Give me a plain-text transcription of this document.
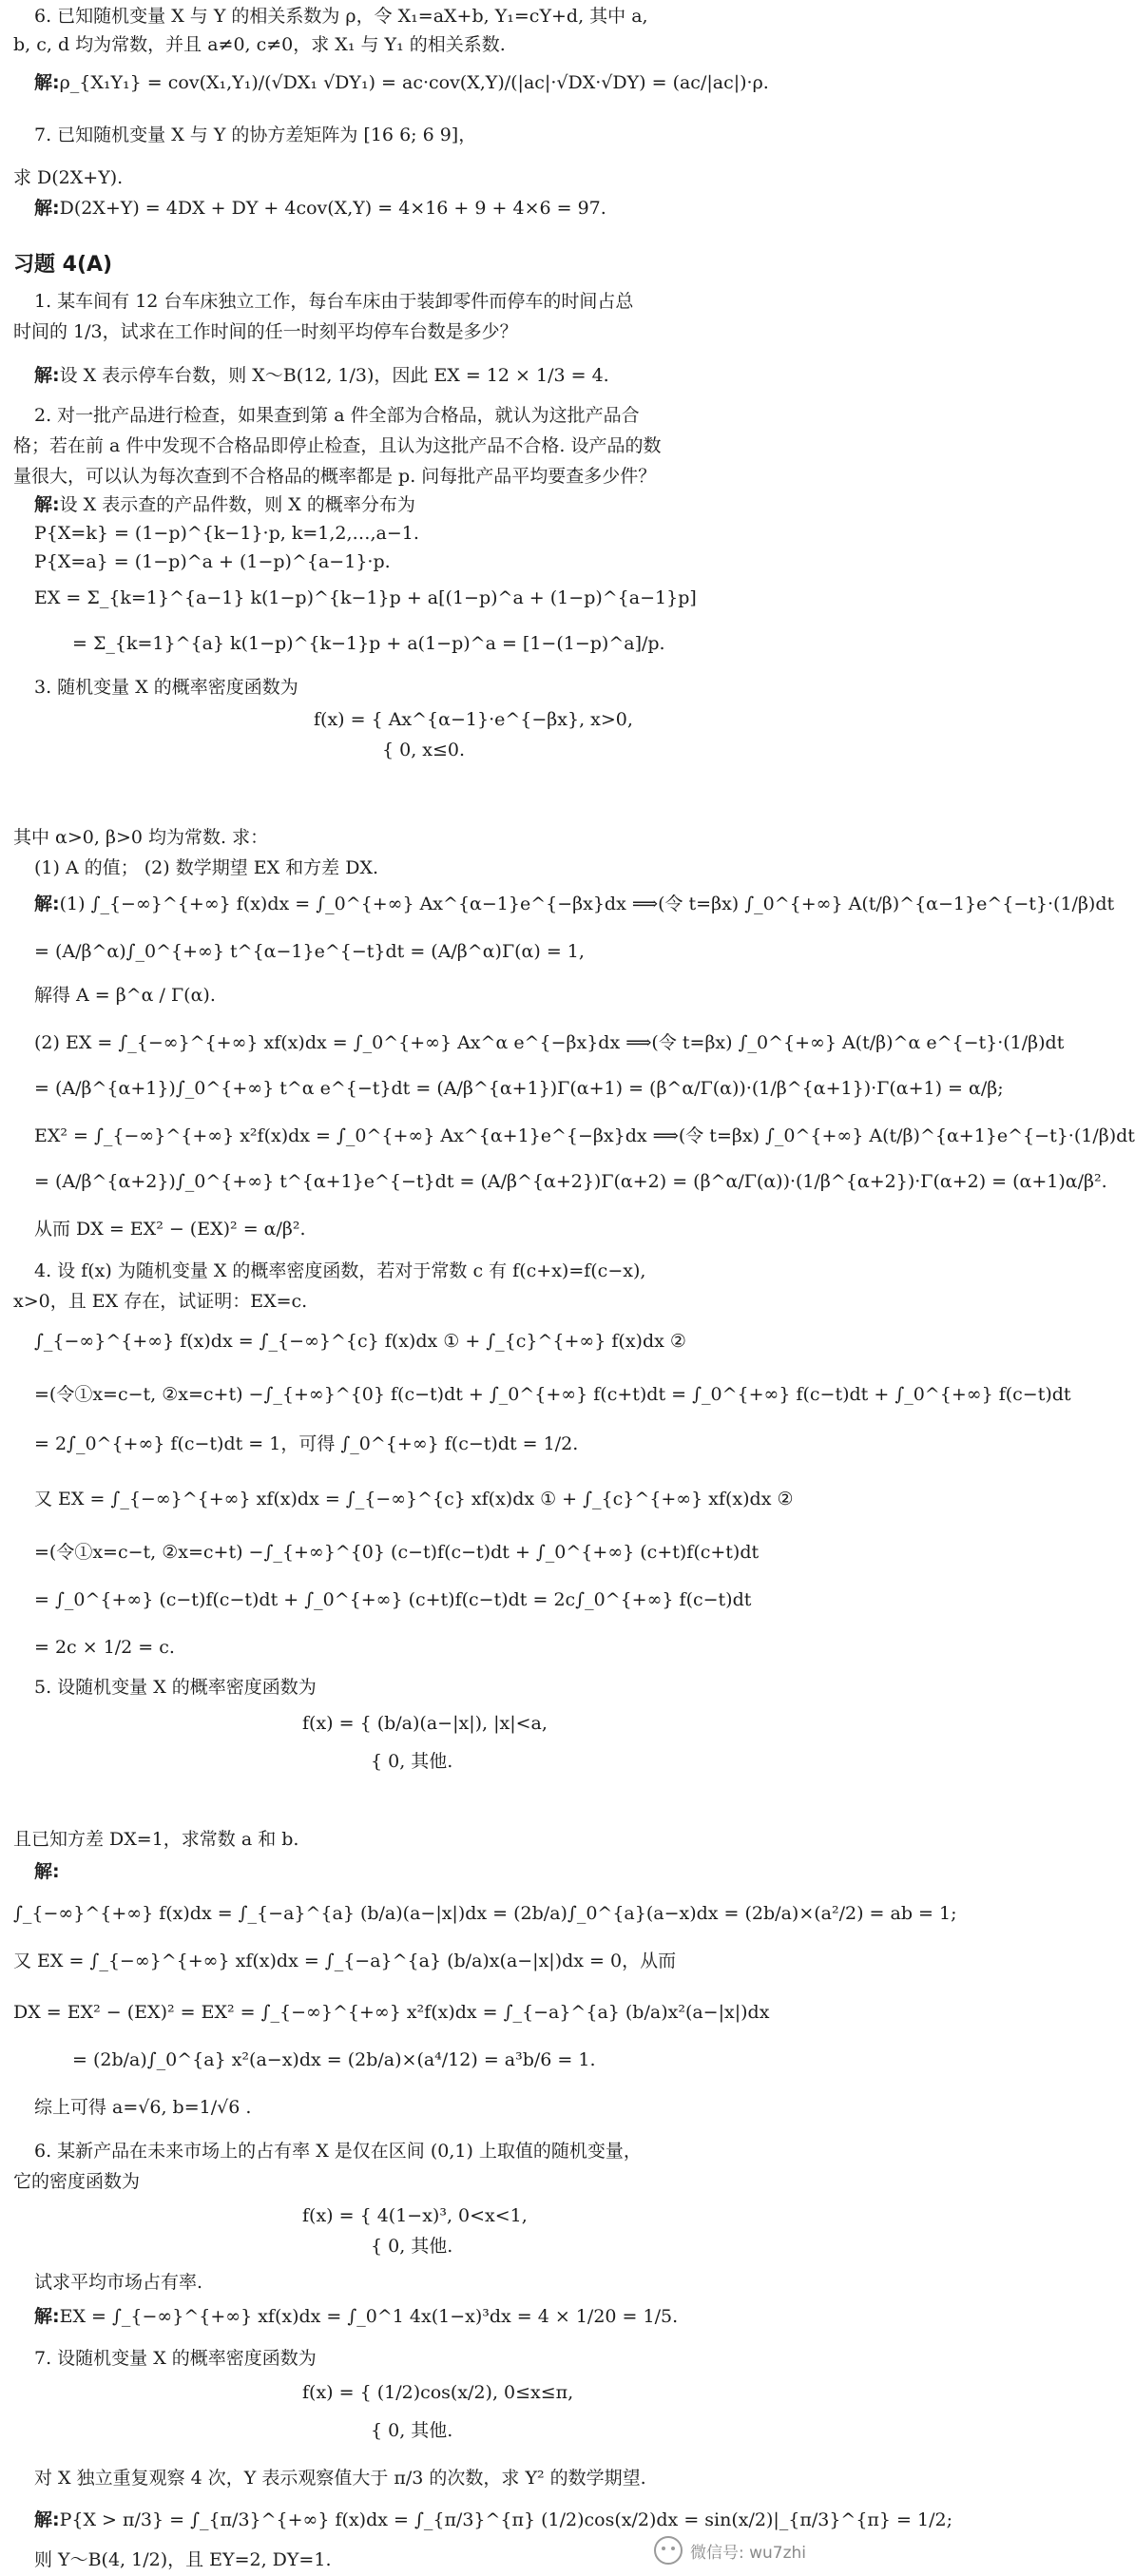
6. 已知随机变量 X 与 Y 的相关系数为 ρ，令 X₁=aX+b, Y₁=cY+d, 其中 a,
b, c, d 均为常数，并且 a≠0, c≠0，求 X₁ 与 Y₁ 的相关系数.
解:ρ_{X₁Y₁} = cov(X₁,Y₁)/(√DX₁ √DY₁) = ac·cov(X,Y)/(|ac|·√DX·√DY) = (ac/|ac|)·ρ.
7. 已知随机变量 X 与 Y 的协方差矩阵为 [16 6; 6 9]，
求 D(2X+Y).
解:D(2X+Y) = 4DX + DY + 4cov(X,Y) = 4×16 + 9 + 4×6 = 97.
习题 4(A)
1. 某车间有 12 台车床独立工作，每台车床由于装卸零件而停车的时间占总
时间的 1/3，试求在工作时间的任一时刻平均停车台数是多少？
解:设 X 表示停车台数，则 X～B(12, 1/3)，因此 EX = 12 × 1/3 = 4.
2. 对一批产品进行检查，如果查到第 a 件全部为合格品，就认为这批产品合
格；若在前 a 件中发现不合格品即停止检查，且认为这批产品不合格. 设产品的数
量很大，可以认为每次查到不合格品的概率都是 p. 问每批产品平均要查多少件？
解:设 X 表示查的产品件数，则 X 的概率分布为
P{X=k} = (1−p)^{k−1}·p, k=1,2,…,a−1.
P{X=a} = (1−p)^a + (1−p)^{a−1}·p.
EX = Σ_{k=1}^{a−1} k(1−p)^{k−1}p + a[(1−p)^a + (1−p)^{a−1}p]
= Σ_{k=1}^{a} k(1−p)^{k−1}p + a(1−p)^a = [1−(1−p)^a]/p.
3. 随机变量 X 的概率密度函数为
f(x) = { Ax^{α−1}·e^{−βx}, x>0,
{ 0, x≤0.
其中 α>0, β>0 均为常数. 求：
(1) A 的值； (2) 数学期望 EX 和方差 DX.
解:(1) ∫_{−∞}^{+∞} f(x)dx = ∫_0^{+∞} Ax^{α−1}e^{−βx}dx ⟹(令 t=βx) ∫_0^{+∞} A(t/β)^{α−1}e^{−t}·(1/β)dt
= (A/β^α)∫_0^{+∞} t^{α−1}e^{−t}dt = (A/β^α)Γ(α) = 1,
解得 A = β^α / Γ(α).
(2) EX = ∫_{−∞}^{+∞} xf(x)dx = ∫_0^{+∞} Ax^α e^{−βx}dx ⟹(令 t=βx) ∫_0^{+∞} A(t/β)^α e^{−t}·(1/β)dt
= (A/β^{α+1})∫_0^{+∞} t^α e^{−t}dt = (A/β^{α+1})Γ(α+1) = (β^α/Γ(α))·(1/β^{α+1})·Γ(α+1) = α/β;
EX² = ∫_{−∞}^{+∞} x²f(x)dx = ∫_0^{+∞} Ax^{α+1}e^{−βx}dx ⟹(令 t=βx) ∫_0^{+∞} A(t/β)^{α+1}e^{−t}·(1/β)dt
= (A/β^{α+2})∫_0^{+∞} t^{α+1}e^{−t}dt = (A/β^{α+2})Γ(α+2) = (β^α/Γ(α))·(1/β^{α+2})·Γ(α+2) = (α+1)α/β².
从而 DX = EX² − (EX)² = α/β².
4. 设 f(x) 为随机变量 X 的概率密度函数，若对于常数 c 有 f(c+x)=f(c−x),
x>0，且 EX 存在，试证明：EX=c.
∫_{−∞}^{+∞} f(x)dx = ∫_{−∞}^{c} f(x)dx ① + ∫_{c}^{+∞} f(x)dx ②
=(令①x=c−t, ②x=c+t) −∫_{+∞}^{0} f(c−t)dt + ∫_0^{+∞} f(c+t)dt = ∫_0^{+∞} f(c−t)dt + ∫_0^{+∞} f(c−t)dt
= 2∫_0^{+∞} f(c−t)dt = 1，可得 ∫_0^{+∞} f(c−t)dt = 1/2.
又 EX = ∫_{−∞}^{+∞} xf(x)dx = ∫_{−∞}^{c} xf(x)dx ① + ∫_{c}^{+∞} xf(x)dx ②
=(令①x=c−t, ②x=c+t) −∫_{+∞}^{0} (c−t)f(c−t)dt + ∫_0^{+∞} (c+t)f(c+t)dt
= ∫_0^{+∞} (c−t)f(c−t)dt + ∫_0^{+∞} (c+t)f(c−t)dt = 2c∫_0^{+∞} f(c−t)dt
= 2c × 1/2 = c.
5. 设随机变量 X 的概率密度函数为
f(x) = { (b/a)(a−|x|), |x|<a,
{ 0, 其他.
且已知方差 DX=1，求常数 a 和 b.
解:
∫_{−∞}^{+∞} f(x)dx = ∫_{−a}^{a} (b/a)(a−|x|)dx = (2b/a)∫_0^{a}(a−x)dx = (2b/a)×(a²/2) = ab = 1;
又 EX = ∫_{−∞}^{+∞} xf(x)dx = ∫_{−a}^{a} (b/a)x(a−|x|)dx = 0，从而
DX = EX² − (EX)² = EX² = ∫_{−∞}^{+∞} x²f(x)dx = ∫_{−a}^{a} (b/a)x²(a−|x|)dx
= (2b/a)∫_0^{a} x²(a−x)dx = (2b/a)×(a⁴/12) = a³b/6 = 1.
综上可得 a=√6, b=1/√6 .
6. 某新产品在未来市场上的占有率 X 是仅在区间 (0,1) 上取值的随机变量，
它的密度函数为
f(x) = { 4(1−x)³, 0<x<1,
{ 0, 其他.
试求平均市场占有率.
解:EX = ∫_{−∞}^{+∞} xf(x)dx = ∫_0^1 4x(1−x)³dx = 4 × 1/20 = 1/5.
7. 设随机变量 X 的概率密度函数为
f(x) = { (1/2)cos(x/2), 0≤x≤π,
{ 0, 其他.
对 X 独立重复观察 4 次，Y 表示观察值大于 π/3 的次数，求 Y² 的数学期望.
解:P{X > π/3} = ∫_{π/3}^{+∞} f(x)dx = ∫_{π/3}^{π} (1/2)cos(x/2)dx = sin(x/2)|_{π/3}^{π} = 1/2;
则 Y～B(4, 1/2)，且 EY=2, DY=1.	微信号: wu7zhi
